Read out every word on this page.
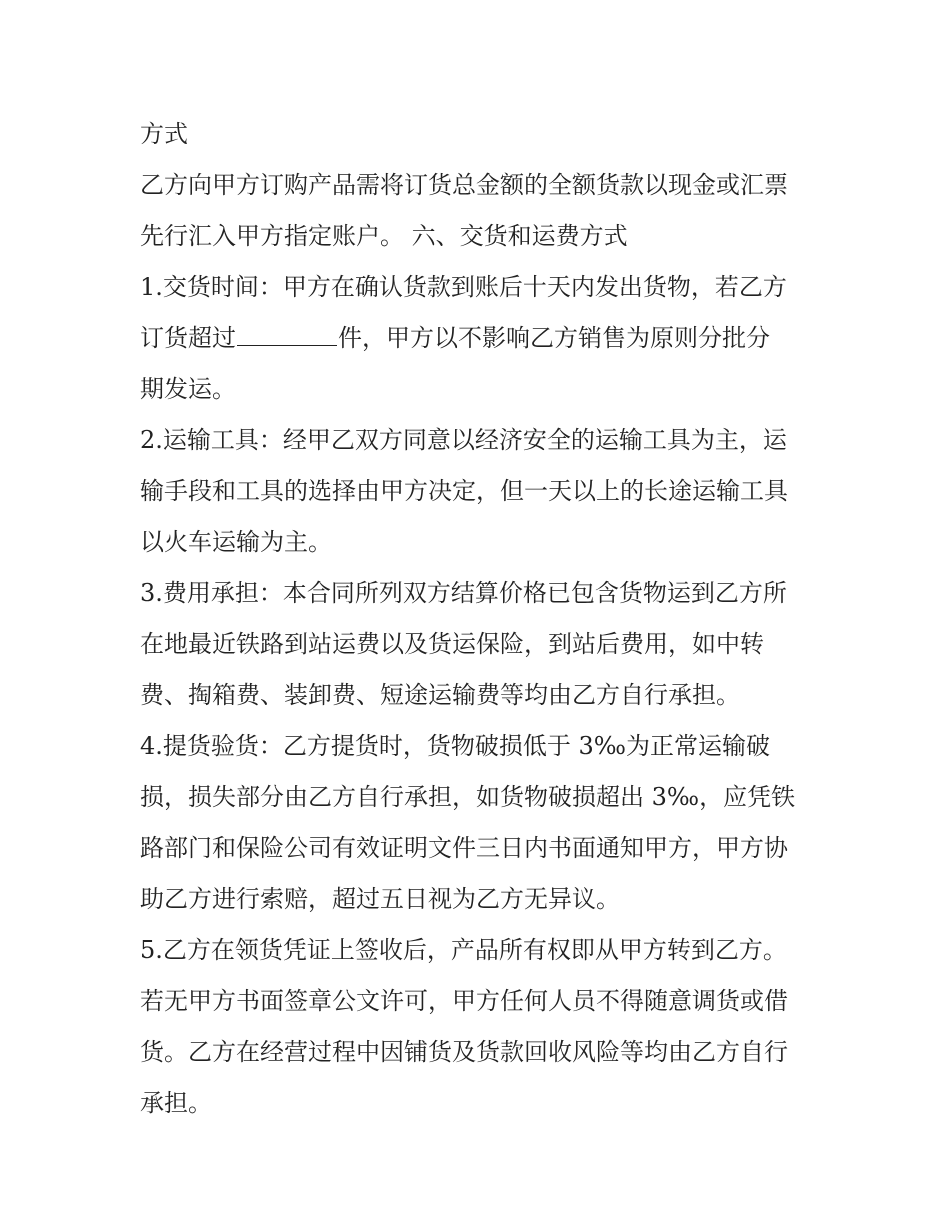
方式
乙方向甲方订购产品需将订货总金额的全额货款以现金或汇票
先行汇入甲方指定账户。 六、交货和运费方式
1.交货时间：甲方在确认货款到账后十天内发出货物，若乙方
订货超过	件，甲方以不影响乙方销售为原则分批分
期发运。
2.运输工具：经甲乙双方同意以经济安全的运输工具为主，运
输手段和工具的选择由甲方决定，但一天以上的长途运输工具
以火车运输为主。
3.费用承担：本合同所列双方结算价格已包含货物运到乙方所
在地最近铁路到站运费以及货运保险，到站后费用，如中转
费、掏箱费、装卸费、短途运输费等均由乙方自行承担。
4.提货验货：乙方提货时，货物破损低于 3‰为正常运输破
损，损失部分由乙方自行承担，如货物破损超出 3‰，应凭铁
路部门和保险公司有效证明文件三日内书面通知甲方，甲方协
助乙方进行索赔，超过五日视为乙方无异议。
5.乙方在领货凭证上签收后，产品所有权即从甲方转到乙方。
若无甲方书面签章公文许可，甲方任何人员不得随意调货或借
货。乙方在经营过程中因铺货及货款回收风险等均由乙方自行
承担。
